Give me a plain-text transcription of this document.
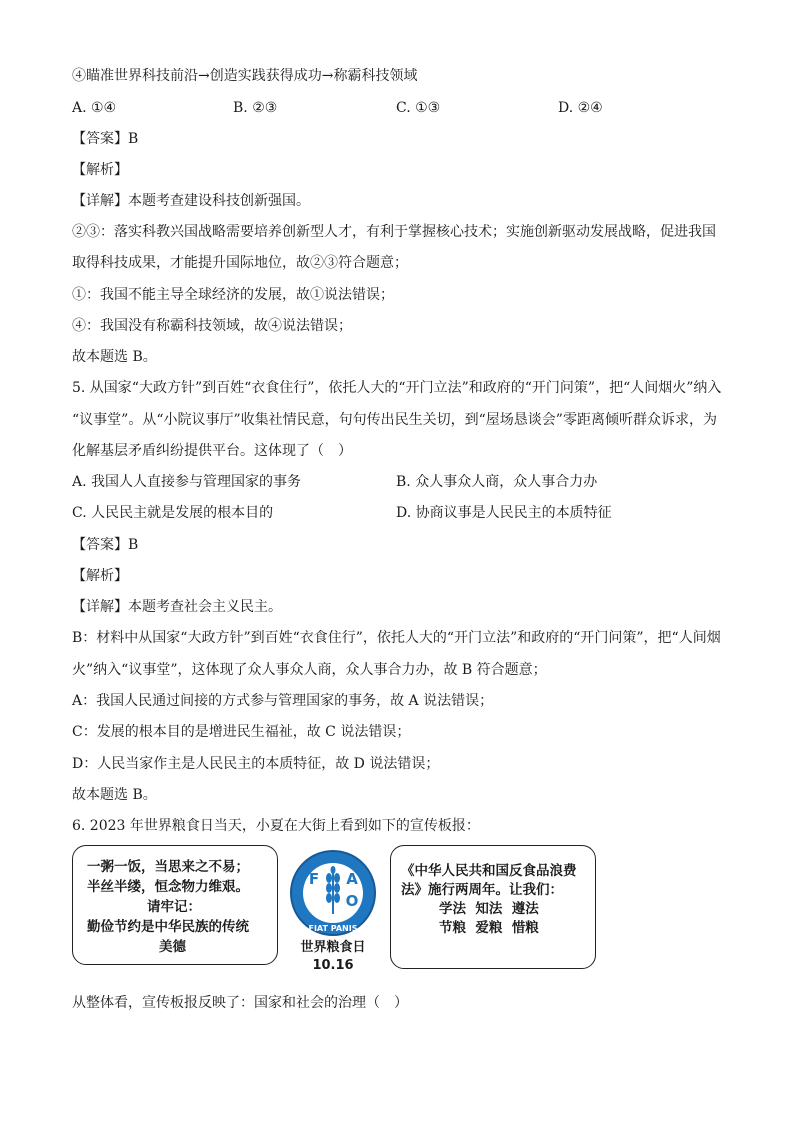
④瞄准世界科技前沿→创造实践获得成功→称霸科技领域
A. ①④	B. ②③	C. ①③	D. ②④
【答案】B
【解析】
【详解】本题考查建设科技创新强国。
②③：落实科教兴国战略需要培养创新型人才，有利于掌握核心技术；实施创新驱动发展战略，促进我国
取得科技成果，才能提升国际地位，故②③符合题意；
①：我国不能主导全球经济的发展，故①说法错误；
④：我国没有称霸科技领域，故④说法错误；
故本题选 B。
5. 从国家“大政方针”到百姓“衣食住行”，依托人大的“开门立法”和政府的“开门问策”，把“人间烟火”纳入
“议事堂”。从“小院议事厅”收集社情民意，句句传出民生关切，到“屋场恳谈会”零距离倾听群众诉求，为
化解基层矛盾纠纷提供平台。这体现了（　）
A. 我国人人直接参与管理国家的事务	B. 众人事众人商，众人事合力办
C. 人民民主就是发展的根本目的	D. 协商议事是人民民主的本质特征
【答案】B
【解析】
【详解】本题考查社会主义民主。
B：材料中从国家“大政方针”到百姓“衣食住行”，依托人大的“开门立法”和政府的“开门问策”，把“人间烟
火”纳入“议事堂”，这体现了众人事众人商，众人事合力办，故 B 符合题意；
A：我国人民通过间接的方式参与管理国家的事务，故 A 说法错误；
C：发展的根本目的是增进民生福祉，故 C 说法错误；
D：人民当家作主是人民民主的本质特征，故 D 说法错误；
故本题选 B。
6. 2023 年世界粮食日当天，小夏在大街上看到如下的宣传板报：
一粥一饭，当思来之不易；
半丝半缕，恒念物力维艰。
请牢记：
勤俭节约是中华民族的传统
美德
F A
O
FIAT PANIS
世界粮食日
10.16
《中华人民共和国反食品浪费
法》施行两周年。让我们：
学法  知法  遵法
节粮  爱粮  惜粮
从整体看，宣传板报反映了：国家和社会的治理（　）
